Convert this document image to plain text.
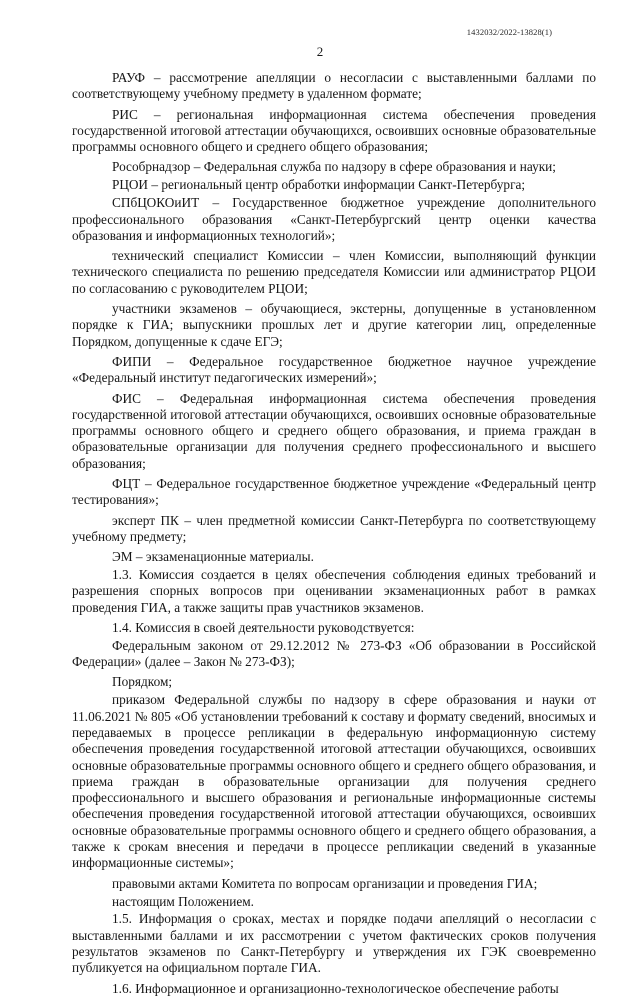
1432032/2022-13828(1)
2

РАУФ – рассмотрение апелляции о несогласии с выставленными баллами по соответствующему учебному предмету в удаленном формате;

РИС – региональная информационная система обеспечения проведения государственной итоговой аттестации обучающихся, освоивших основные образовательные программы основного общего и среднего общего образования;

Рособрнадзор – Федеральная служба по надзору в сфере образования и науки;

РЦОИ – региональный центр обработки информации Санкт-Петербурга;

СПбЦОКОиИТ – Государственное бюджетное учреждение дополнительного профессионального образования «Санкт-Петербургский центр оценки качества образования и информационных технологий»;

технический специалист Комиссии – член Комиссии, выполняющий функции технического специалиста по решению председателя Комиссии или администратор РЦОИ по согласованию с руководителем РЦОИ;

участники экзаменов – обучающиеся, экстерны, допущенные в установленном порядке к ГИА; выпускники прошлых лет и другие категории лиц, определенные Порядком, допущенные к сдаче ЕГЭ;

ФИПИ – Федеральное государственное бюджетное научное учреждение «Федеральный институт педагогических измерений»;

ФИС – Федеральная информационная система обеспечения проведения государственной итоговой аттестации обучающихся, освоивших основные образовательные программы основного общего и среднего общего образования, и приема граждан в образовательные организации для получения среднего профессионального и высшего образования;

ФЦТ – Федеральное государственное бюджетное учреждение «Федеральный центр тестирования»;

эксперт ПК – член предметной комиссии Санкт-Петербурга по соответствующему учебному предмету;

ЭМ – экзаменационные материалы.

1.3. Комиссия создается в целях обеспечения соблюдения единых требований и разрешения спорных вопросов при оценивании экзаменационных работ в рамках проведения ГИА, а также защиты прав участников экзаменов.

1.4. Комиссия в своей деятельности руководствуется:

Федеральным законом от 29.12.2012 № 273-ФЗ «Об образовании в Российской Федерации» (далее – Закон № 273-ФЗ);

Порядком;

приказом Федеральной службы по надзору в сфере образования и науки от 11.06.2021 № 805 «Об установлении требований к составу и формату сведений, вносимых и передаваемых в процессе репликации в федеральную информационную систему обеспечения проведения государственной итоговой аттестации обучающихся, освоивших основные образовательные программы основного общего и среднего общего образования, и приема граждан в образовательные организации для получения среднего профессионального и высшего образования и региональные информационные системы обеспечения проведения государственной итоговой аттестации обучающихся, освоивших основные образовательные программы основного общего и среднего общего образования, а также к срокам внесения и передачи в процессе репликации сведений в указанные информационные системы»;

правовыми актами Комитета по вопросам организации и проведения ГИА;

настоящим Положением.

1.5. Информация о сроках, местах и порядке подачи апелляций о несогласии с выставленными баллами и их рассмотрении с учетом фактических сроков получения результатов экзаменов по Санкт-Петербургу и утверждения их ГЭК своевременно публикуется на официальном портале ГИА.

1.6. Информационное и организационно-технологическое обеспечение работы
